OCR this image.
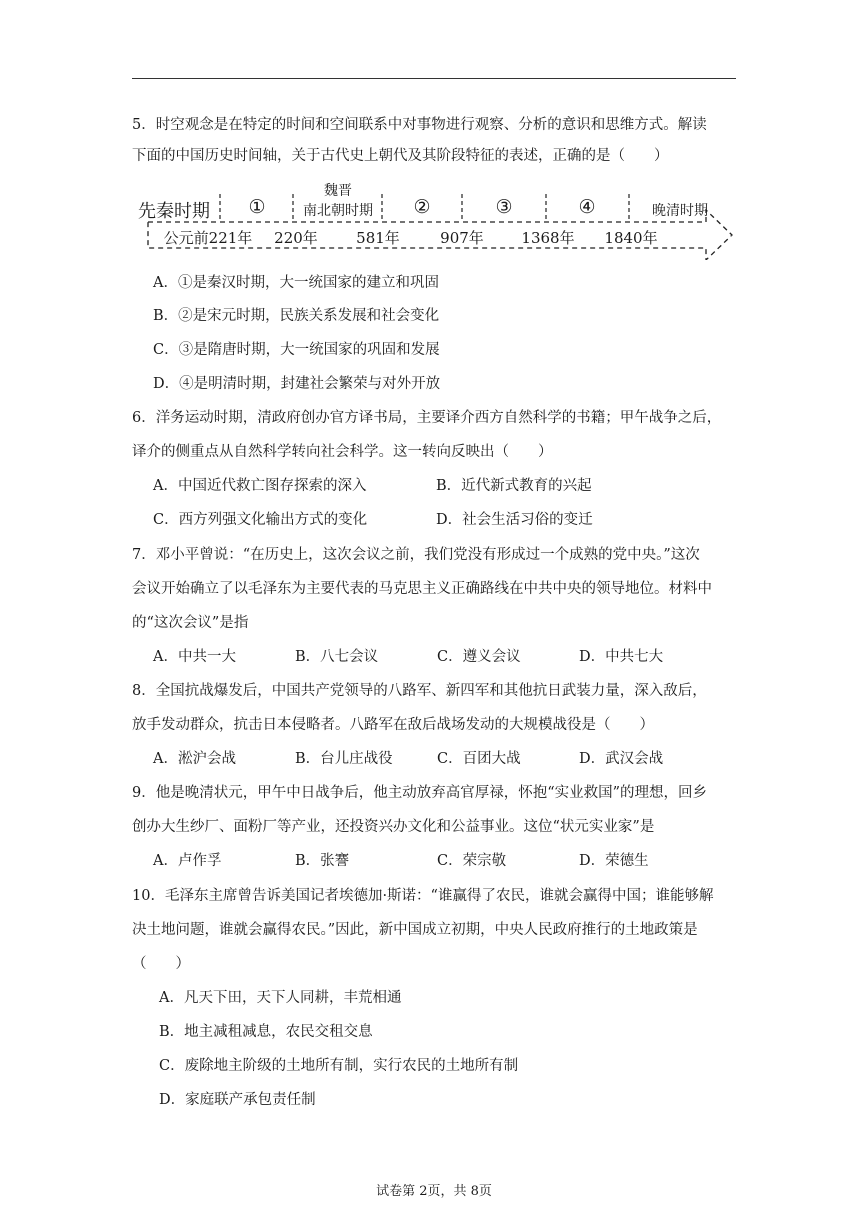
5．时空观念是在特定的时间和空间联系中对事物进行观察、分析的意识和思维方式。解读
下面的中国历史时间轴，关于古代史上朝代及其阶段特征的表述，正确的是（　　）
先秦时期 ①
魏晋
南北朝时期 ②	③	④	晚清时期
公元前221年 220年	581年	907年	1368年 1840年
A．①是秦汉时期，大一统国家的建立和巩固
B．②是宋元时期，民族关系发展和社会变化
C．③是隋唐时期，大一统国家的巩固和发展
D．④是明清时期，封建社会繁荣与对外开放
6．洋务运动时期，清政府创办官方译书局，主要译介西方自然科学的书籍；甲午战争之后，
译介的侧重点从自然科学转向社会科学。这一转向反映出（　　）
A．中国近代救亡图存探索的深入	B．近代新式教育的兴起
C．西方列强文化输出方式的变化	D．社会生活习俗的变迁
7．邓小平曾说：“在历史上，这次会议之前，我们党没有形成过一个成熟的党中央。”这次
会议开始确立了以毛泽东为主要代表的马克思主义正确路线在中共中央的领导地位。材料中
的“这次会议”是指
A．中共一大	B．八七会议	C．遵义会议	D．中共七大
8．全国抗战爆发后，中国共产党领导的八路军、新四军和其他抗日武装力量，深入敌后，
放手发动群众，抗击日本侵略者。八路军在敌后战场发动的大规模战役是（　　）
A．淞沪会战	B．台儿庄战役	C．百团大战	D．武汉会战
9．他是晚清状元，甲午中日战争后，他主动放弃高官厚禄，怀抱“实业救国”的理想，回乡
创办大生纱厂、面粉厂等产业，还投资兴办文化和公益事业。这位“状元实业家”是
A．卢作孚	B．张謇	C．荣宗敬	D．荣德生
10．毛泽东主席曾告诉美国记者埃德加·斯诺：“谁赢得了农民，谁就会赢得中国；谁能够解
决土地问题，谁就会赢得农民。”因此，新中国成立初期，中央人民政府推行的土地政策是
（　　）
A．凡天下田，天下人同耕，丰荒相通
B．地主减租减息，农民交租交息
C．废除地主阶级的土地所有制，实行农民的土地所有制
D．家庭联产承包责任制
试卷第 2页，共 8页
